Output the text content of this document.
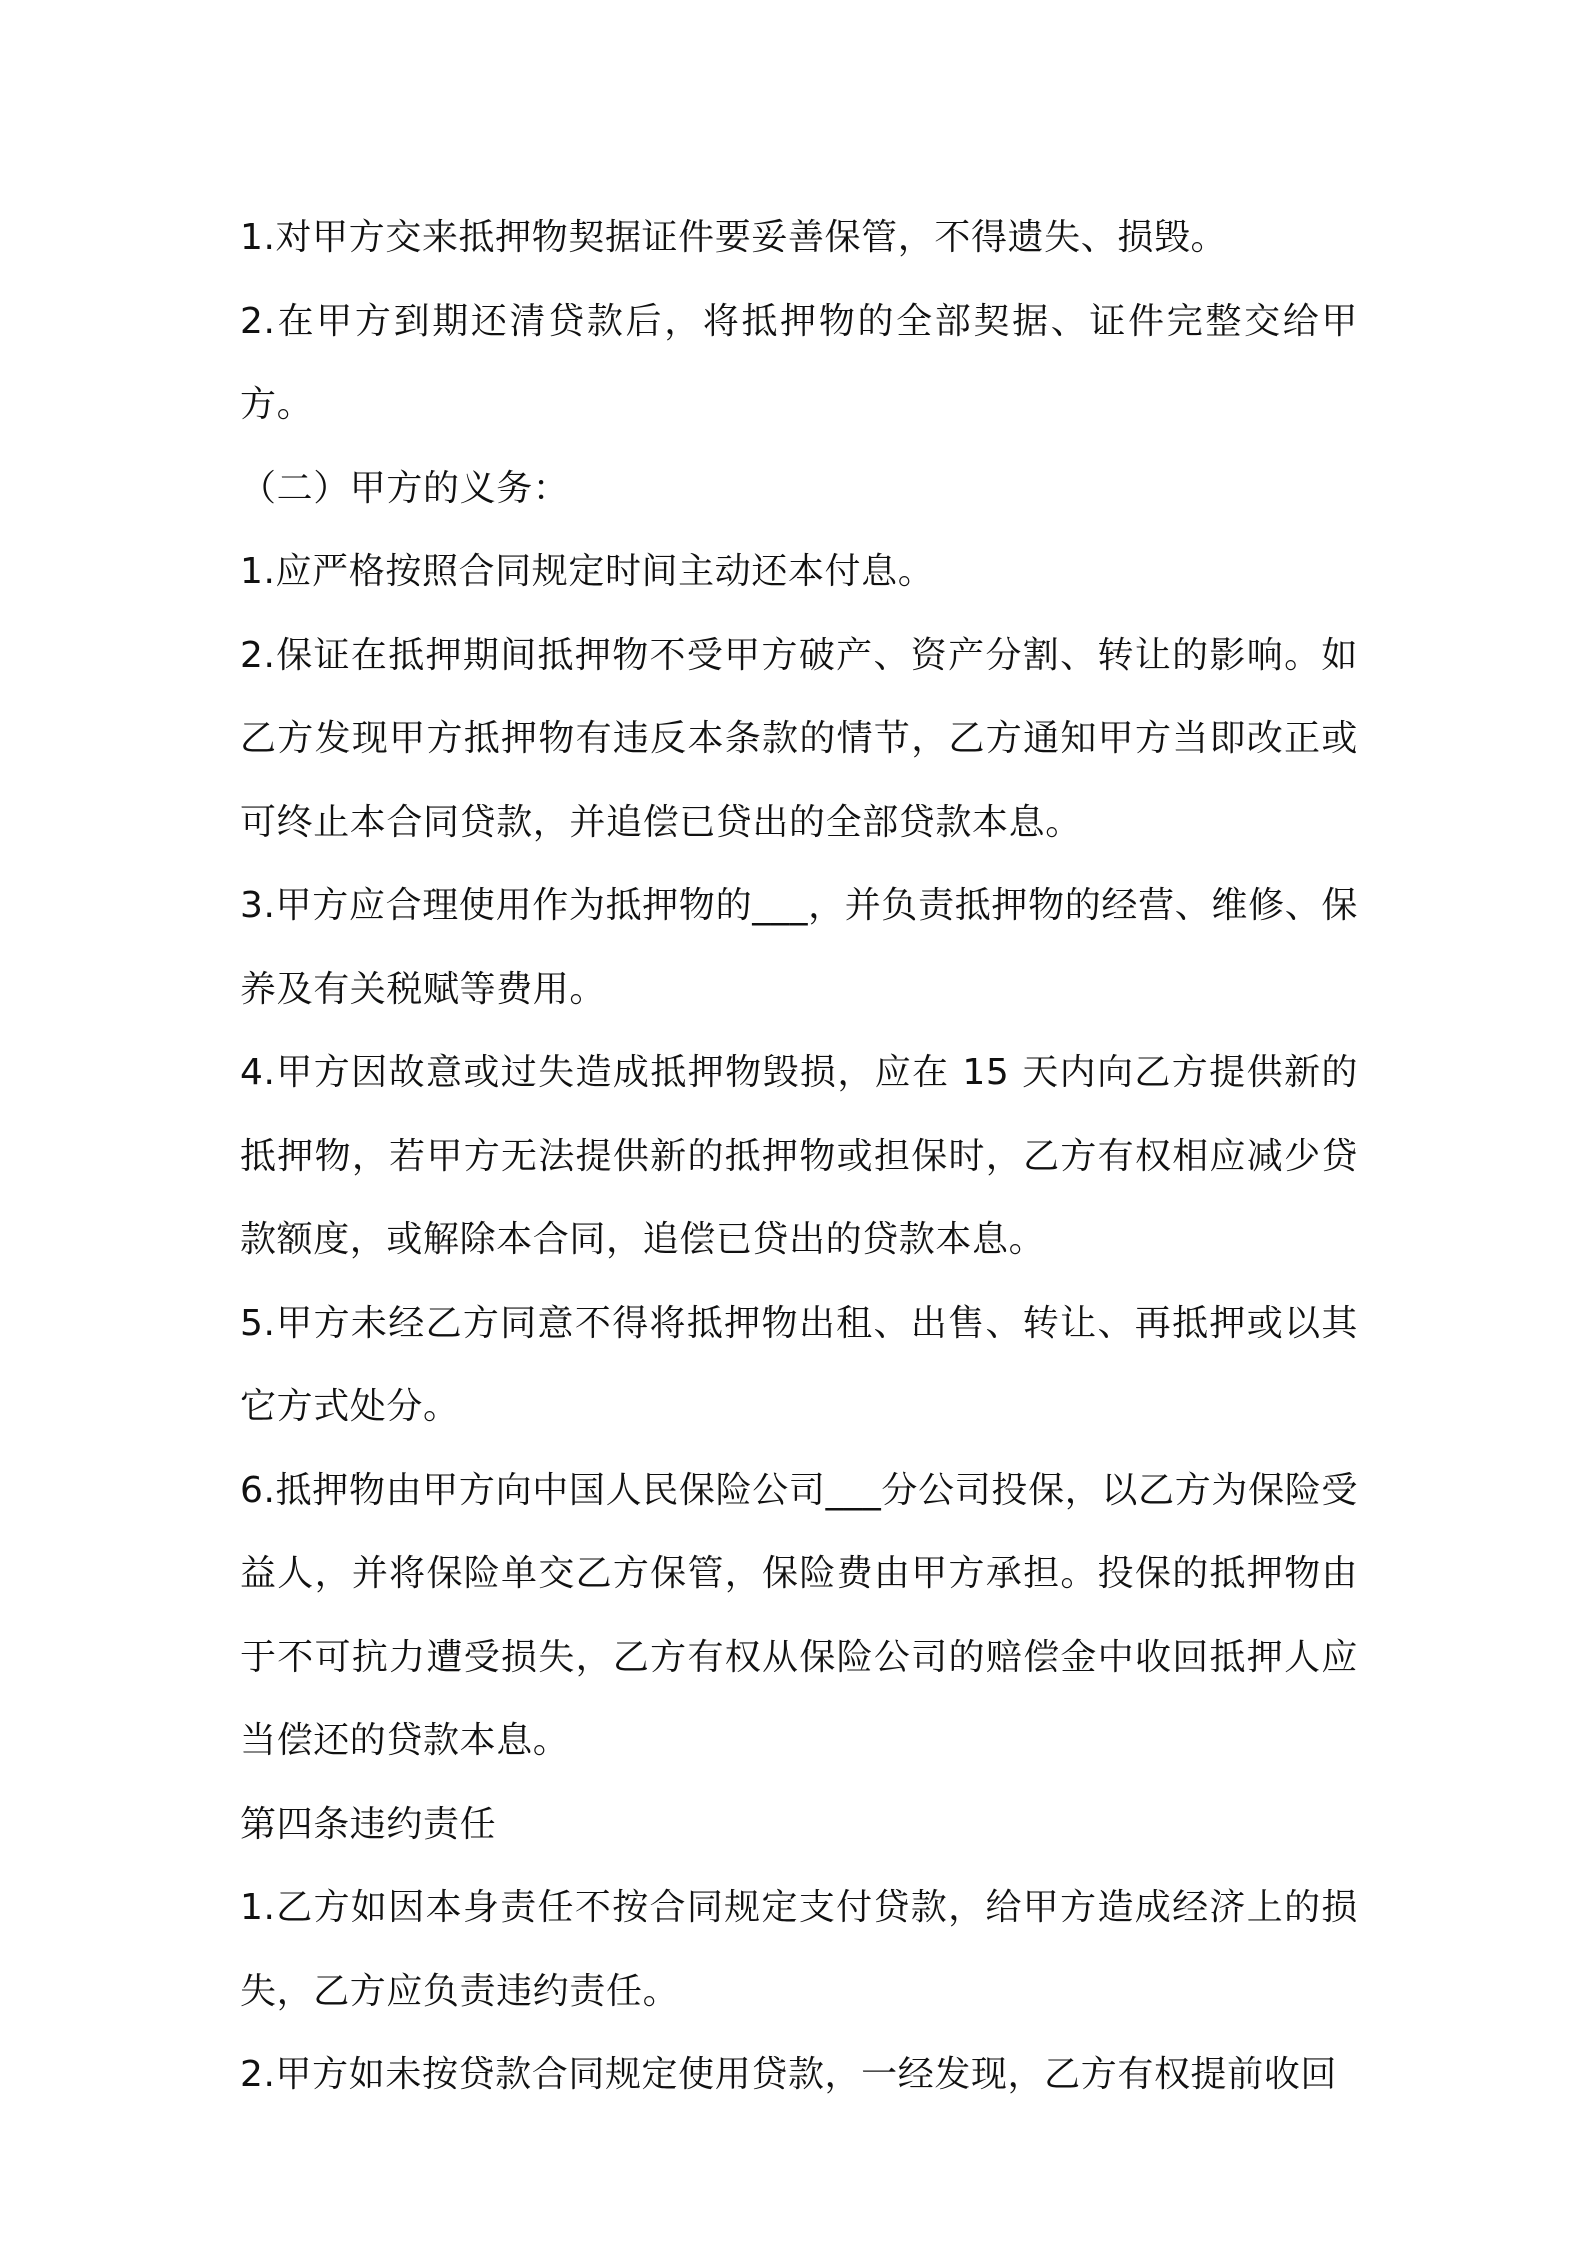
1.对甲方交来抵押物契据证件要妥善保管，不得遗失、损毁。

2.在甲方到期还清贷款后，将抵押物的全部契据、证件完整交给甲方。

（二）甲方的义务：

1.应严格按照合同规定时间主动还本付息。

2.保证在抵押期间抵押物不受甲方破产、资产分割、转让的影响。如乙方发现甲方抵押物有违反本条款的情节，乙方通知甲方当即改正或可终止本合同贷款，并追偿已贷出的全部贷款本息。

3.甲方应合理使用作为抵押物的___，并负责抵押物的经营、维修、保养及有关税赋等费用。

4.甲方因故意或过失造成抵押物毁损，应在 15 天内向乙方提供新的抵押物，若甲方无法提供新的抵押物或担保时，乙方有权相应减少贷款额度，或解除本合同，追偿已贷出的贷款本息。

5.甲方未经乙方同意不得将抵押物出租、出售、转让、再抵押或以其它方式处分。

6.抵押物由甲方向中国人民保险公司___分公司投保，以乙方为保险受益人，并将保险单交乙方保管，保险费由甲方承担。投保的抵押物由于不可抗力遭受损失，乙方有权从保险公司的赔偿金中收回抵押人应当偿还的贷款本息。

第四条违约责任

1.乙方如因本身责任不按合同规定支付贷款，给甲方造成经济上的损失，乙方应负责违约责任。

2.甲方如未按贷款合同规定使用贷款，一经发现，乙方有权提前收回
